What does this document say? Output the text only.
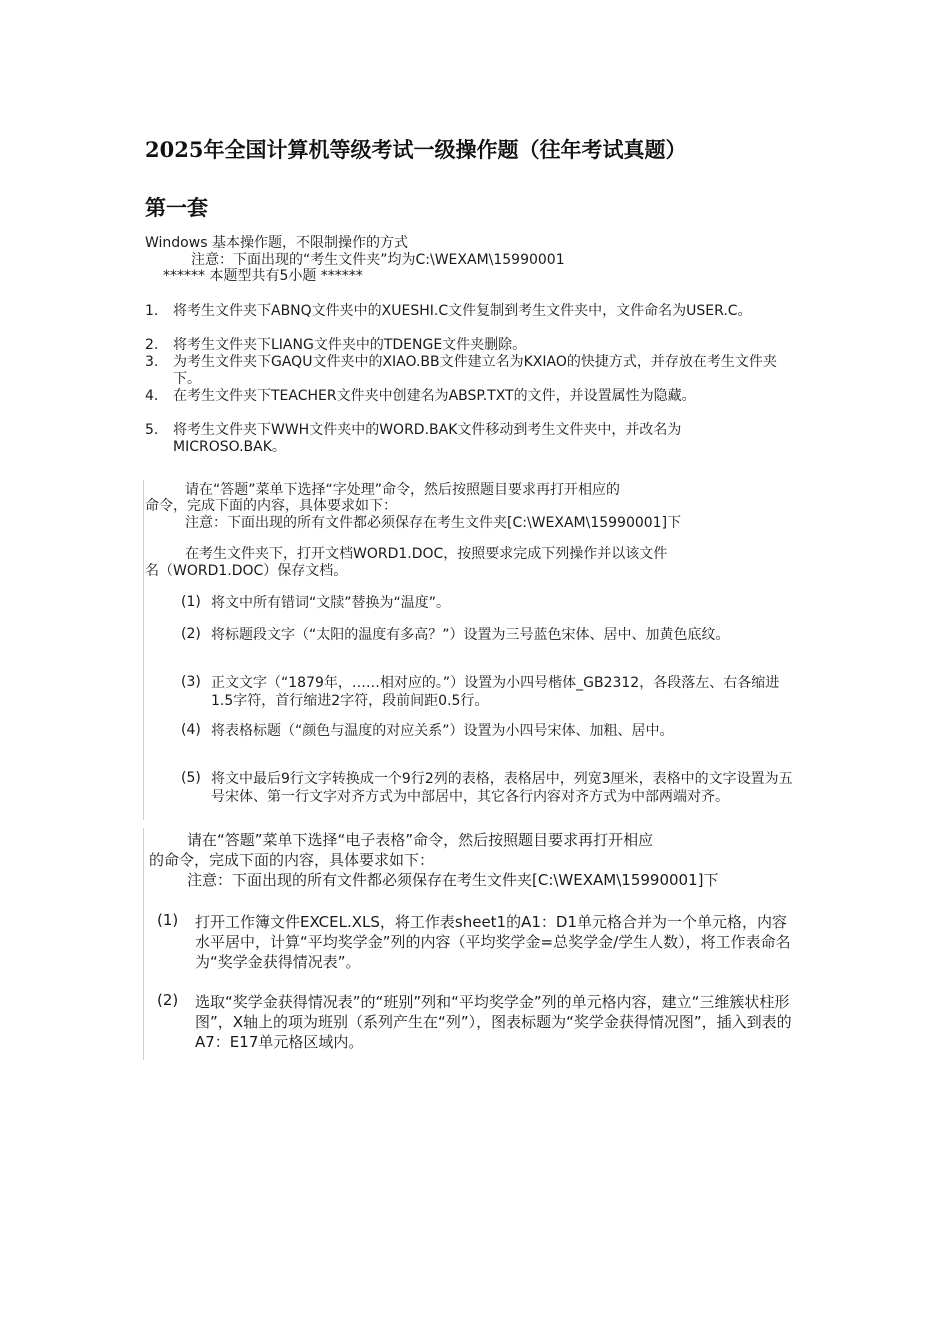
2025年全国计算机等级考试一级操作题（往年考试真题）
第一套
Windows 基本操作题，不限制操作的方式
注意：下面出现的“考生文件夹”均为C:\WEXAM\15990001
****** 本题型共有5小题 ******
1. 将考生文件夹下ABNQ文件夹中的XUESHI.C文件复制到考生文件夹中，文件命名为USER.C。
2. 将考生文件夹下LIANG文件夹中的TDENGE文件夹删除。
3. 为考生文件夹下GAQU文件夹中的XIAO.BB文件建立名为KXIAO的快捷方式，并存放在考生文件夹下。
4. 在考生文件夹下TEACHER文件夹中创建名为ABSP.TXT的文件，并设置属性为隐藏。
5. 将考生文件夹下WWH文件夹中的WORD.BAK文件移动到考生文件夹中，并改名为MICROSO.BAK。
请在“答题”菜单下选择“字处理”命令，然后按照题目要求再打开相应的
命令，完成下面的内容，具体要求如下：
注意：下面出现的所有文件都必须保存在考生文件夹[C:\WEXAM\15990001]下
在考生文件夹下，打开文档WORD1.DOC，按照要求完成下列操作并以该文件
名（WORD1.DOC）保存文档。
(1) 将文中所有错词“文牍”替换为“温度”。
(2) 将标题段文字（“太阳的温度有多高？”）设置为三号蓝色宋体、居中、加黄色底纹。
(3) 正文文字（“1879年，……相对应的。”）设置为小四号楷体_GB2312，各段落左、右各缩进1.5字符，首行缩进2字符，段前间距0.5行。
(4) 将表格标题（“颜色与温度的对应关系”）设置为小四号宋体、加粗、居中。
(5) 将文中最后9行文字转换成一个9行2列的表格，表格居中，列宽3厘米，表格中的文字设置为五号宋体、第一行文字对齐方式为中部居中，其它各行内容对齐方式为中部两端对齐。
请在“答题”菜单下选择“电子表格”命令，然后按照题目要求再打开相应
的命令，完成下面的内容，具体要求如下：
注意：下面出现的所有文件都必须保存在考生文件夹[C:\WEXAM\15990001]下
(1) 打开工作簿文件EXCEL.XLS，将工作表sheet1的A1：D1单元格合并为一个单元格，内容水平居中，计算“平均奖学金”列的内容（平均奖学金=总奖学金/学生人数），将工作表命名为“奖学金获得情况表”。
(2) 选取“奖学金获得情况表”的“班别”列和“平均奖学金”列的单元格内容，建立“三维簇状柱形图”，X轴上的项为班别（系列产生在“列”），图表标题为“奖学金获得情况图”，插入到表的A7：E17单元格区域内。
